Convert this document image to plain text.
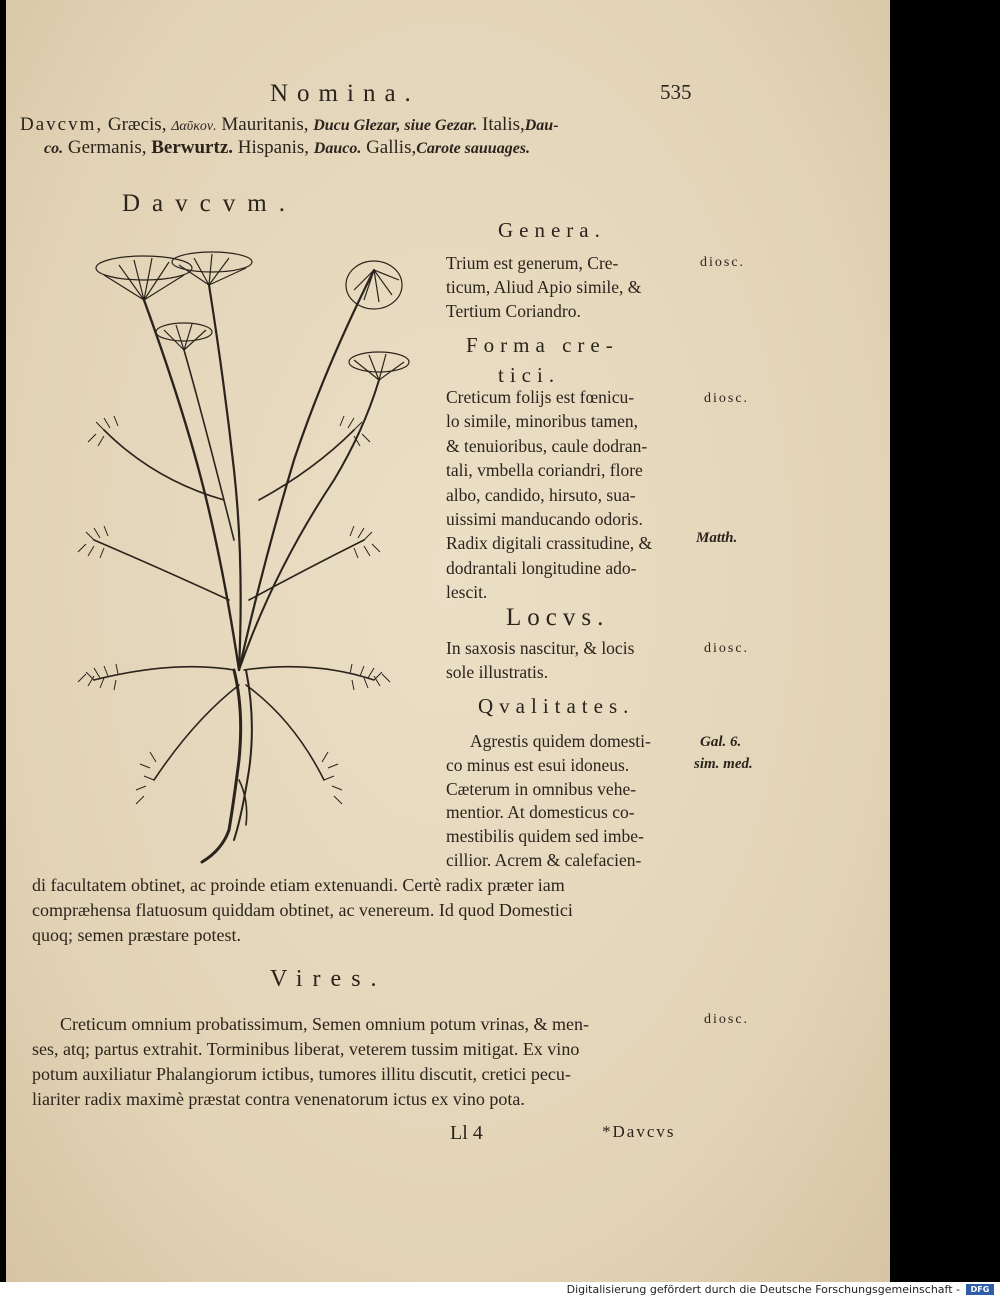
Nomina.	535
Davcvm, Græcis, Δαῦκον. Mauritanis, Ducu Glezar, siue Gezar. Italis,Dau-
co. Germanis, Berwurtz. Hispanis, Dauco. Gallis,Carote sauuages.
Davcvm.
Genera.
Trium est generum, Cre-
ticum, Aliud Apio simile, &
Tertium Coriandro.
diosc.
Forma cre-
tici.
Creticum folijs est fœnicu-
lo simile, minoribus tamen,
& tenuioribus, caule dodran-
tali, vmbella coriandri, flore
albo, candido, hirsuto, sua-
uissimi manducando odoris.
Radix digitali crassitudine, &
dodrantali longitudine ado-
lescit.
diosc.
Matth.
Locvs.
In saxosis nascitur, & locis
sole illustratis.
diosc.
Qvalitates.
Agrestis quidem domesti-
co minus est esui idoneus.
Cæterum in omnibus vehe-
mentior. At domesticus co-
mestibilis quidem sed imbe-
cillior. Acrem & calefacien-
Gal. 6.
sim. med.
di facultatem obtinet, ac proinde etiam extenuandi. Certè radix præter iam
compræhensa flatuosum quiddam obtinet, ac venereum. Id quod Domestici
quoq; semen præstare potest.
Vires.
Creticum omnium probatissimum, Semen omnium potum vrinas, & men-
ses, atq; partus extrahit. Torminibus liberat, veterem tussim mitigat. Ex vino
potum auxiliatur Phalangiorum ictibus, tumores illitu discutit, cretici pecu-
liariter radix maximè præstat contra venenatorum ictus ex vino pota.
diosc.
Ll 4	*Davcvs
Digitalisierung gefördert durch die Deutsche Forschungsgemeinschaft -	DFG
